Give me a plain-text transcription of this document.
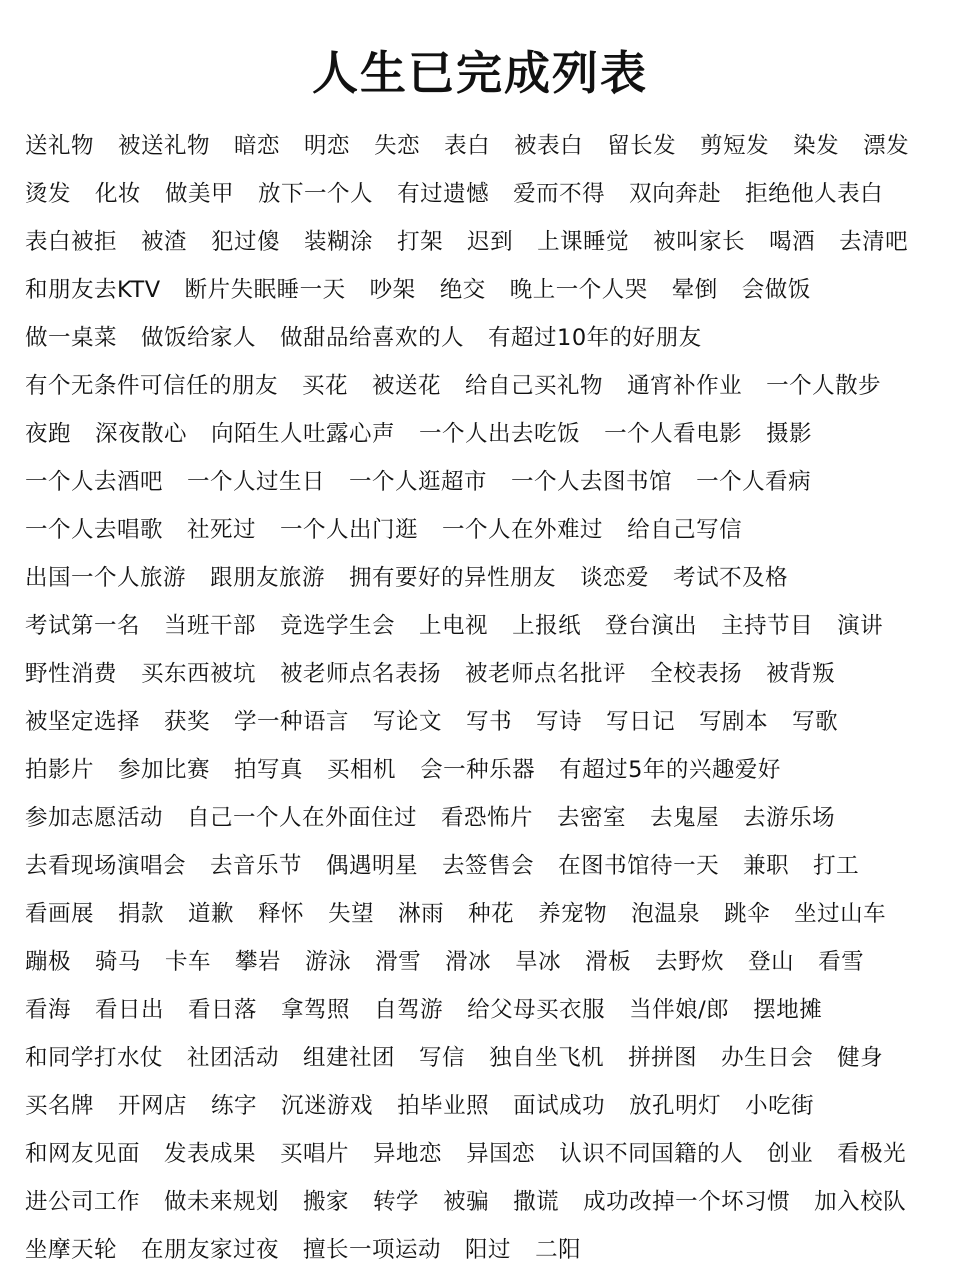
人生已完成列表
送礼物 被送礼物 暗恋 明恋 失恋 表白 被表白 留长发 剪短发 染发 漂发
烫发 化妆 做美甲 放下一个人 有过遗憾 爱而不得 双向奔赴 拒绝他人表白
表白被拒 被渣 犯过傻 装糊涂 打架 迟到 上课睡觉 被叫家长 喝酒 去清吧
和朋友去KTV 断片失眠睡一天 吵架 绝交 晚上一个人哭 晕倒 会做饭
做一桌菜 做饭给家人 做甜品给喜欢的人 有超过10年的好朋友
有个无条件可信任的朋友 买花 被送花 给自己买礼物 通宵补作业 一个人散步
夜跑 深夜散心 向陌生人吐露心声 一个人出去吃饭 一个人看电影 摄影
一个人去酒吧 一个人过生日 一个人逛超市 一个人去图书馆 一个人看病
一个人去唱歌 社死过 一个人出门逛 一个人在外难过 给自己写信
出国一个人旅游 跟朋友旅游 拥有要好的异性朋友 谈恋爱 考试不及格
考试第一名 当班干部 竞选学生会 上电视 上报纸 登台演出 主持节目 演讲
野性消费 买东西被坑 被老师点名表扬 被老师点名批评 全校表扬 被背叛
被坚定选择 获奖 学一种语言 写论文 写书 写诗 写日记 写剧本 写歌
拍影片 参加比赛 拍写真 买相机 会一种乐器 有超过5年的兴趣爱好
参加志愿活动 自己一个人在外面住过 看恐怖片 去密室 去鬼屋 去游乐场
去看现场演唱会 去音乐节 偶遇明星 去签售会 在图书馆待一天 兼职 打工
看画展 捐款 道歉 释怀 失望 淋雨 种花 养宠物 泡温泉 跳伞 坐过山车
蹦极 骑马 卡车 攀岩 游泳 滑雪 滑冰 旱冰 滑板 去野炊 登山 看雪
看海 看日出 看日落 拿驾照 自驾游 给父母买衣服 当伴娘/郎 摆地摊
和同学打水仗 社团活动 组建社团 写信 独自坐飞机 拼拼图 办生日会 健身
买名牌 开网店 练字 沉迷游戏 拍毕业照 面试成功 放孔明灯 小吃街
和网友见面 发表成果 买唱片 异地恋 异国恋 认识不同国籍的人 创业 看极光
进公司工作 做未来规划 搬家 转学 被骗 撒谎 成功改掉一个坏习惯 加入校队
坐摩天轮 在朋友家过夜 擅长一项运动 阳过 二阳
